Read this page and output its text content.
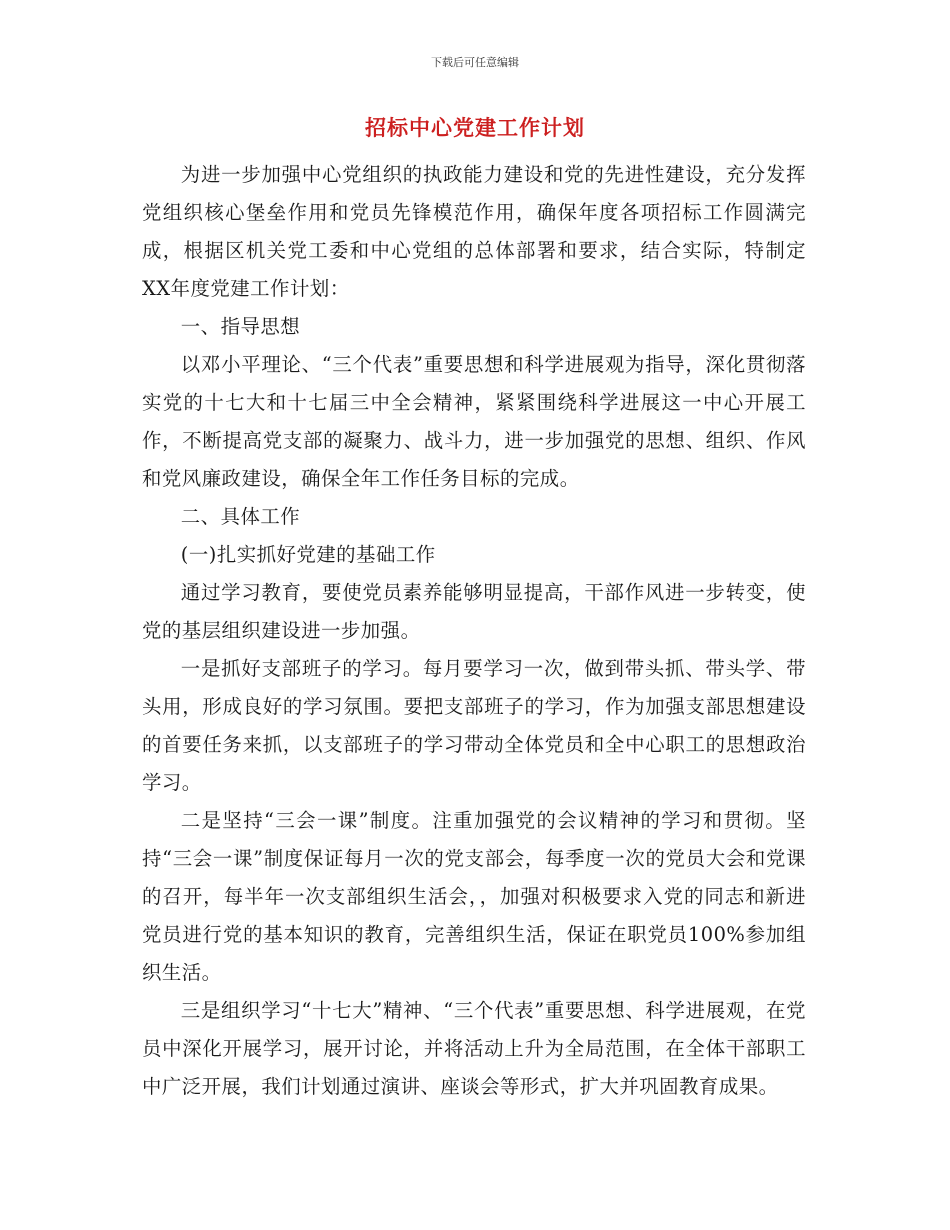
下载后可任意编辑
招标中心党建工作计划

为进一步加强中心党组织的执政能力建设和党的先进性建设，充分发挥党组织核心堡垒作用和党员先锋模范作用，确保年度各项招标工作圆满完成，根据区机关党工委和中心党组的总体部署和要求，结合实际，特制定XX年度党建工作计划：

一、指导思想

以邓小平理论、“三个代表”重要思想和科学进展观为指导，深化贯彻落实党的十七大和十七届三中全会精神，紧紧围绕科学进展这一中心开展工作，不断提高党支部的凝聚力、战斗力，进一步加强党的思想、组织、作风和党风廉政建设，确保全年工作任务目标的完成。

二、具体工作

(一)扎实抓好党建的基础工作

通过学习教育，要使党员素养能够明显提高，干部作风进一步转变，使党的基层组织建设进一步加强。

一是抓好支部班子的学习。每月要学习一次，做到带头抓、带头学、带头用，形成良好的学习氛围。要把支部班子的学习，作为加强支部思想建设的首要任务来抓，以支部班子的学习带动全体党员和全中心职工的思想政治学习。

二是坚持“三会一课”制度。注重加强党的会议精神的学习和贯彻。坚持“三会一课”制度保证每月一次的党支部会，每季度一次的党员大会和党课的召开，每半年一次支部组织生活会，，加强对积极要求入党的同志和新进党员进行党的基本知识的教育，完善组织生活，保证在职党员100%参加组织生活。

三是组织学习“十七大”精神、“三个代表”重要思想、科学进展观，在党员中深化开展学习，展开讨论，并将活动上升为全局范围，在全体干部职工中广泛开展，我们计划通过演讲、座谈会等形式，扩大并巩固教育成果。
